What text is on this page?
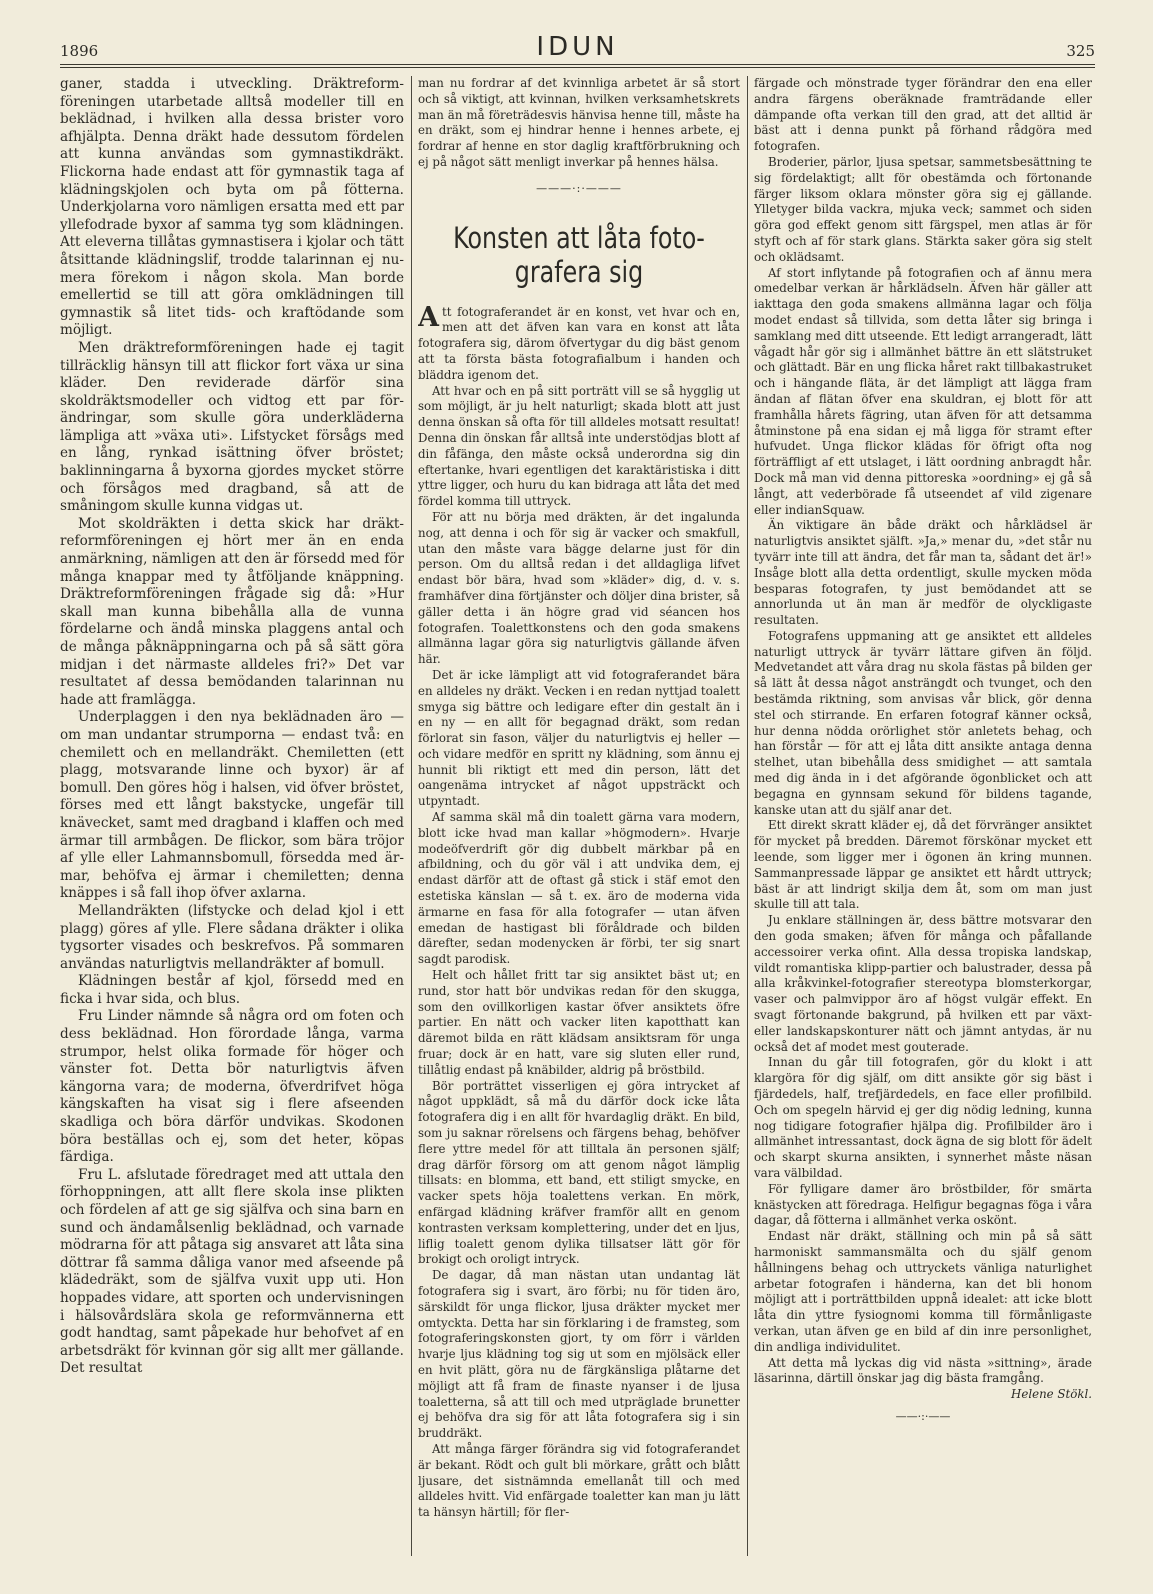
1896	IDUN	325

ganer, stadda i utveckling. Dräktreformföreningen utarbetade alltså modeller till en beklädnad, i hvilken alla dessa brister voro afhjälpta. Denna dräkt hade dessutom fördelen att kunna användas som gymnastikdräkt. Flickorna hade endast att för gymnastik taga af klädningskjolen och byta om på fötterna. Underkjolarna voro nämligen ersatta med ett par yllefodrade byxor af samma tyg som klädningen. Att eleverna tillåtas gymnastisera i kjolar och tätt åtsittande klädningslif, trodde talarinnan ej numera förekom i någon skola. Man borde emellertid se till att göra omklädningen till gymnastik så litet tids- och kraftödande som möjligt.

Men dräktreformföreningen hade ej tagit tillräcklig hänsyn till att flickor fort växa ur sina kläder. Den reviderade därför sina skoldräktsmodeller och vidtog ett par förändringar, som skulle göra underkläderna lämpliga att »växa uti». Lifstycket försågs med en lång, rynkad isättning öfver bröstet; baklinningarna å byxorna gjordes mycket större och försågos med dragband, så att de småningom skulle kunna vidgas ut.

Mot skoldräkten i detta skick har dräktreformföreningen ej hört mer än en enda anmärkning, nämligen att den är försedd med för många knappar med ty åtföljande knäppning. Dräktreformföreningen frågade sig då: »Hur skall man kunna bibehålla alla de vunna fördelarne och ändå minska plaggens antal och de många påknäppningarna och på så sätt göra midjan i det närmaste alldeles fri?» Det var resultatet af dessa bemödanden talarinnan nu hade att framlägga.

Underplaggen i den nya beklädnaden äro — om man undantar strumporna — endast två: en chemilett och en mellandräkt. Chemiletten (ett plagg, motsvarande linne och byxor) är af bomull. Den göres hög i halsen, vid öfver bröstet, förses med ett långt bakstycke, ungefär till knävecket, samt med dragband i klaffen och med ärmar till armbågen. De flickor, som bära tröjor af ylle eller Lahmannsbomull, försedda med ärmar, behöfva ej ärmar i chemiletten; denna knäppes i så fall ihop öfver axlarna.

Mellandräkten (lifstycke och delad kjol i ett plagg) göres af ylle. Flere sådana dräkter i olika tygsorter visades och beskrefvos. På sommaren användas naturligtvis mellandräkter af bomull.

Klädningen består af kjol, försedd med en ficka i hvar sida, och blus.

Fru Linder nämnde så några ord om foten och dess beklädnad. Hon förordade långa, varma strumpor, helst olika formade för höger och vänster fot. Detta bör naturligtvis äfven kängorna vara; de moderna, öfverdrifvet höga kängskaften ha visat sig i flere afseenden skadliga och böra därför undvikas. Skodonen böra beställas och ej, som det heter, köpas färdiga.

Fru L. afslutade föredraget med att uttala den förhoppningen, att allt flere skola inse plikten och fördelen af att ge sig själfva och sina barn en sund och ändamålsenlig beklädnad, och varnade mödrarna för att påtaga sig ansvaret att låta sina döttrar få samma dåliga vanor med afseende på klädedräkt, som de själfva vuxit upp uti. Hon hoppades vidare, att sporten och undervisningen i hälsovårdslära skola ge reformvännerna ett godt handtag, samt påpekade hur behofvet af en arbetsdräkt för kvinnan gör sig allt mer gällande. Det resultat

man nu fordrar af det kvinnliga arbetet är så stort och så viktigt, att kvinnan, hvilken verksamhetskrets man än må företrädesvis hänvisa henne till, måste ha en dräkt, som ej hindrar henne i hennes arbete, ej fordrar af henne en stor daglig kraftförbrukning och ej på något sätt menligt inverkar på hennes hälsa.

———·:·———
Konsten att låta fotografera sig

Att fotograferandet är en konst, vet hvar och en, men att det äfven kan vara en konst att låta fotografera sig, därom öfvertygar du dig bäst genom att ta första bästa fotografialbum i handen och bläddra igenom det.

Att hvar och en på sitt porträtt vill se så hygglig ut som möjligt, är ju helt naturligt; skada blott att just denna önskan så ofta för till alldeles motsatt resultat! Denna din önskan får alltså inte understödjas blott af din fåfänga, den måste också underordna sig din eftertanke, hvari egentligen det karaktäristiska i ditt yttre ligger, och huru du kan bidraga att låta det med fördel komma till uttryck.

För att nu börja med dräkten, är det ingalunda nog, att denna i och för sig är vacker och smakfull, utan den måste vara bägge delarne just för din person. Om du alltså redan i det alldagliga lifvet endast bör bära, hvad som »kläder» dig, d. v. s. framhäfver dina förtjänster och döljer dina brister, så gäller detta i än högre grad vid séancen hos fotografen. Toalettkonstens och den goda smakens allmänna lagar göra sig naturligtvis gällande äfven här.

Det är icke lämpligt att vid fotograferandet bära en alldeles ny dräkt. Vecken i en redan nyttjad toalett smyga sig bättre och ledigare efter din gestalt än i en ny — en allt för begagnad dräkt, som redan förlorat sin fason, väljer du naturligtvis ej heller — och vidare medför en spritt ny klädning, som ännu ej hunnit bli riktigt ett med din person, lätt det oangenäma intrycket af något uppsträckt och utpyntadt.

Af samma skäl må din toalett gärna vara modern, blott icke hvad man kallar »högmodern». Hvarje modeöfverdrift gör dig dubbelt märkbar på en afbildning, och du gör väl i att undvika dem, ej endast därför att de oftast gå stick i stäf emot den estetiska känslan — så t. ex. äro de moderna vida ärmarne en fasa för alla fotografer — utan äfven emedan de hastigast bli föråldrade och bilden därefter, sedan modenycken är förbi, ter sig snart sagdt parodisk.

Helt och hållet fritt tar sig ansiktet bäst ut; en rund, stor hatt bör undvikas redan för den skugga, som den ovillkorligen kastar öfver ansiktets öfre partier. En nätt och vacker liten kapotthatt kan däremot bilda en rätt klädsam ansiktsram för unga fruar; dock är en hatt, vare sig sluten eller rund, tillåtlig endast på knäbilder, aldrig på bröstbild.

Bör porträttet visserligen ej göra intrycket af något uppklädt, så må du därför dock icke låta fotografera dig i en allt för hvardaglig dräkt. En bild, som ju saknar rörelsens och färgens behag, behöfver flere yttre medel för att tilltala än personen själf; drag därför försorg om att genom något lämplig tillsats: en blomma, ett band, ett stiligt smycke, en vacker spets höja toalettens verkan. En mörk, enfärgad klädning kräfver framför allt en genom kontrasten verksam komplettering, under det en ljus, liflig toalett genom dylika tillsatser lätt gör för brokigt och oroligt intryck.

De dagar, då man nästan utan undantag lät fotografera sig i svart, äro förbi; nu för tiden äro, särskildt för unga flickor, ljusa dräkter mycket mer omtyckta. Detta har sin förklaring i de framsteg, som fotograferingskonsten gjort, ty om förr i världen hvarje ljus klädning tog sig ut som en mjölsäck eller en hvit plätt, göra nu de färgkänsliga plåtarne det möjligt att få fram de finaste nyanser i de ljusa toaletterna, så att till och med utpräglade brunetter ej behöfva dra sig för att låta fotografera sig i sin bruddräkt.

Att många färger förändra sig vid fotograferandet är bekant. Rödt och gult bli mörkare, grått och blått ljusare, det sistnämnda emellanåt till och med alldeles hvitt. Vid enfärgade toaletter kan man ju lätt ta hänsyn härtill; för fler-

färgade och mönstrade tyger förändrar den ena eller andra färgens oberäknade framträdande eller dämpande ofta verkan till den grad, att det alltid är bäst att i denna punkt på förhand rådgöra med fotografen.

Broderier, pärlor, ljusa spetsar, sammetsbesättning te sig fördelaktigt; allt för obestämda och förtonande färger liksom oklara mönster göra sig ej gällande. Ylletyger bilda vackra, mjuka veck; sammet och siden göra god effekt genom sitt färgspel, men atlas är för styft och af för stark glans. Stärkta saker göra sig stelt och oklädsamt.

Af stort inflytande på fotografien och af ännu mera omedelbar verkan är hårklädseln. Äfven här gäller att iakttaga den goda smakens allmänna lagar och följa modet endast så tillvida, som detta låter sig bringa i samklang med ditt utseende. Ett ledigt arrangeradt, lätt vågadt hår gör sig i allmänhet bättre än ett slätstruket och glättadt. Bär en ung flicka håret rakt tillbakastruket och i hängande fläta, är det lämpligt att lägga fram ändan af flätan öfver ena skuldran, ej blott för att framhålla hårets fägring, utan äfven för att detsamma åtminstone på ena sidan ej må ligga för stramt efter hufvudet. Unga flickor klädas för öfrigt ofta nog förträffligt af ett utslaget, i lätt oordning anbragdt hår. Dock må man vid denna pittoreska »oordning» ej gå så långt, att vederbörade få utseendet af vild zigenare eller indianSquaw.

Än viktigare än både dräkt och hårklädsel är naturligtvis ansiktet själft. »Ja,» menar du, »det står nu tyvärr inte till att ändra, det får man ta, sådant det är!» Insåge blott alla detta ordentligt, skulle mycken möda besparas fotografen, ty just bemödandet att se annorlunda ut än man är medför de olyckligaste resultaten.

Fotografens uppmaning att ge ansiktet ett alldeles naturligt uttryck är tyvärr lättare gifven än följd. Medvetandet att våra drag nu skola fästas på bilden ger så lätt åt dessa något ansträngdt och tvunget, och den bestämda riktning, som anvisas vår blick, gör denna stel och stirrande. En erfaren fotograf känner också, hur denna nödda orörlighet stör anletets behag, och han förstår — för att ej låta ditt ansikte antaga denna stelhet, utan bibehålla dess smidighet — att samtala med dig ända in i det afgörande ögonblicket och att begagna en gynnsam sekund för bildens tagande, kanske utan att du själf anar det.

Ett direkt skratt kläder ej, då det förvränger ansiktet för mycket på bredden. Däremot förskönar mycket ett leende, som ligger mer i ögonen än kring munnen. Sammanpressade läppar ge ansiktet ett hårdt uttryck; bäst är att lindrigt skilja dem åt, som om man just skulle till att tala.

Ju enklare ställningen är, dess bättre motsvarar den den goda smaken; äfven för många och påfallande accessoirer verka ofint. Alla dessa tropiska landskap, vildt romantiska klipp-partier och balustrader, dessa på alla kråkvinkel-fotografier stereotypa blomsterkorgar, vaser och palmvippor äro af högst vulgär effekt. En svagt förtonande bakgrund, på hvilken ett par växt- eller landskapskonturer nätt och jämnt antydas, är nu också det af modet mest gouterade.

Innan du går till fotografen, gör du klokt i att klargöra för dig själf, om ditt ansikte gör sig bäst i fjärdedels, half, trefjärdedels, en face eller profilbild. Och om spegeln härvid ej ger dig nödig ledning, kunna nog tidigare fotografier hjälpa dig. Profilbilder äro i allmänhet intressantast, dock ägna de sig blott för ädelt och skarpt skurna ansikten, i synnerhet måste näsan vara välbildad.

För fylligare damer äro bröstbilder, för smärta knästycken att föredraga. Helfigur begagnas föga i våra dagar, då fötterna i allmänhet verka oskönt.

Endast när dräkt, ställning och min på så sätt harmoniskt sammansmälta och du själf genom hållningens behag och uttryckets vänliga naturlighet arbetar fotografen i händerna, kan det bli honom möjligt att i porträttbilden uppnå idealet: att icke blott låta din yttre fysiognomi komma till förmånligaste verkan, utan äfven ge en bild af din inre personlighet, din andliga individulitet.

Att detta må lyckas dig vid nästa »sittning», ärade läsarinna, därtill önskar jag dig bästa framgång.

Helene Stökl.
——·:·——
